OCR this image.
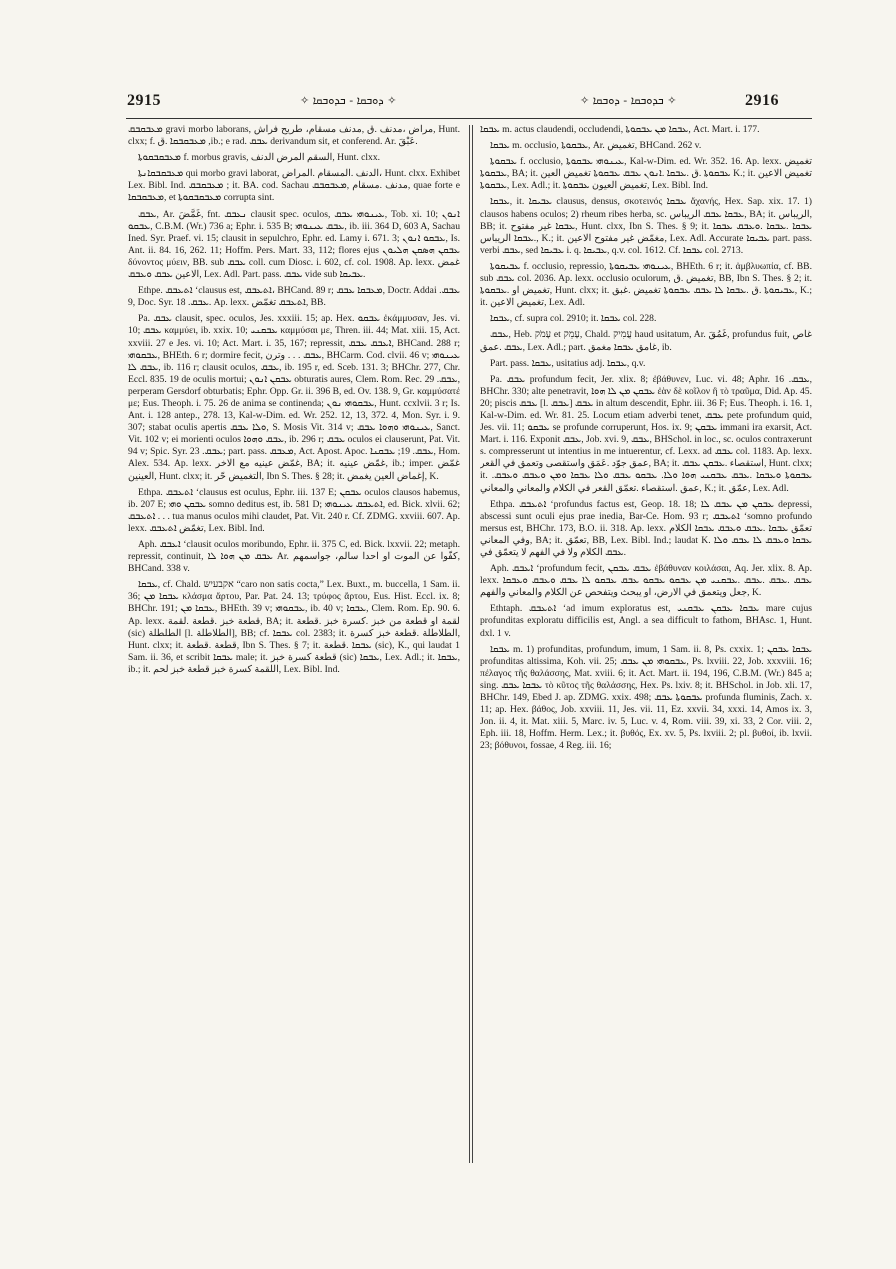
2915	✧ ܕܘܒܩܐ - ܒܕܘܒܩܐ ✧	✧ ܒܕܘܒܩܐ - ܕܘܒܩܐ ✧	2916

ܡܥܒܩܒܩ gravi morbo laborans, مراض ،مدنف .ق ,مدنف مسقام، طريح فراش, Hunt. clxx; f. ܡܥܒܩܒܩܐ .ق ,ib.; e rad. ܥܒܩ derivandum sit, et conferend. Ar. عَبْقَ.

ܡܥܒܩܒܩܘܬܐ f. morbus gravis, السقم المرض الدنف, Hunt. clxx.

ܡܥܒܩܒܩܐܢܬܐ qui morbo gravi laborat, الدنف .المسقام .المراض، Hunt. clxx. Exhibet Lex. Bibl. Ind. ܡܥܒܩܒܩ ; it. BA. cod. Sachau مدنف .مسقام ,ܡܥܒܩܒܩ, quae forte e ܡܥܒܩܒܩܐ, et ܡܥܒܩܒܩܘܬܐ corrupta sint.

ܥܒܩ, Ar. غَمَّضَ, fnt. ܢܥܒܩ clausit spec. oculos, ܥܝܢܘܗܝ ܥܒܩ, Tob. xi. 10; ܐܢܘܢ ܥܒܩܘ, C.B.M. (Wr.) 736 a; Ephr. i. 535 B; ܥܒܩ ܥܝܢܘܗܝ, ib. iii. 364 D, 603 A, Sachau Ined. Syr. Praef. vi. 15; clausit in sepulchro, Ephr. ed. Lamy i. 671. 3; ܥܒܩܘ ܐܢܘܢ, Is. Ant. ii. 84. 16, 262. 11; Hoffm. Pers. Mart. 33, 112; flores ejus ܥܒܩܢ ܗܣܩܢ ܗܠܝܘܢ δύνοντος μύειν, BB. sub ܥܒܩ coll. cum Diosc. i. 602, cf. col. 1908. Ap. lexx. غمض الاعين ܥܒܩ ܘܥܒܩ, Lex. Adl. Part. pass. ܥܒܩ vide sub ܥܒܝܩܐ.

Ethpe. ܐܬܥܒܩ ‘clausus est, ܐܬܥܒܩ، BHCand. 89 r; ܡܥܒܩܐ ܥܒܩ, Doctr. Addai ܥܒܩ. 9, Doc. Syr. ܥܒܩ. 18. Ap. lexx. ܐܬܥܒܩ تغمّض, BB.

Pa. ܥܒܩ clausit, spec. oculos, Jes. xxxiii. 15; ap. Hex. ܥܒܩܘ ἐκάμμυσαν, Jes. vi. 10; ܥܒܩ καμμύει, ib. xxix. 10; ܥܒܩܢܝ καμμύσαι με, Thren. iii. 44; Mat. xiii. 15, Act. xxviii. 27 e Jes. vi. 10; Act. Mart. i. 35, 167; repressit, ܐܥܒܩ ܥܒܩ, BHCand. 288 r; ܥܒܩܘܗܝ, BHEth. 6 r; dormire fecit, ܥܒܩ . . . وترن, BHCarm. Cod. clvii. 46 v; ܥܝܢܘܗܝ ܥܒܩ ܠܐ, ib. 116 r; clausit oculos, ܥܒܩ, ib. 195 r, ed. Sceb. 131. 3; BHChr. 277, Chr. Eccl. 835. 19 de oculis mortui; ܥܒܩܢ ܐܢܘܢ obturatis aures, Clem. Rom. Rec. ܥܒܩ. 29, perperam Gersdorf obturbatis; Ephr. Opp. Gr. ii. 396 B, ed. Ov. 138. 9, Gr. καμμύσατέ με; Eus. Theoph. i. 75. 26 de anima se continenda; ܥܒܩܘܗܝ ܢܘܢ, Hunt. ccxlvii. 3 r; Is. Ant. i. 128 antep., 278. 13, Kal-w-Dim. ed. Wr. 252. 12, 13, 372. 4, Mon. Syr. i. 9. 307; stabat oculis apertis ܘܠܐ ܥܒܩ, S. Mosis Vit. 314 v; ܥܝܢܘܗܝ ܘܗܘܐ ܥܒܩ, Sanct. Vit. 102 v; ei morienti oculos ܥܒܩ ܘܗܘܐ, ib. 296 r; ܥܒܩ oculos ei clauserunt, Pat. Vit. 94 v; Spic. Syr. ܥܒܩ. 23; part. pass. ܡܥܒܩ, Act. Apost. Apoc. ܥܒܩ. 19; ܥܒܩܢܐ, Hom. Alex. 534. Ap. lexx. غمّض عينيه مع الاخر, BA; it. غمّض عينيه, ib.; imper. غمّض العينين, Hunt. clxx; it. التغميض حّر, Ibn S. Thes. § 28; it. إغماض العين يغمض, K.

Ethpa. ܐܬܥܒܩ ‘clausus est oculus, Ephr. iii. 137 E; ܥܒܩܢ oculos clausos habemus, ib. 207 E; ܥܒܩܢ ܘܗܝ somno deditus est, ib. 581 D; ܐܬܥܒܩ ܥܝܢܘܗܝ, ed. Bick. xlvii. 62; ܐܬܥܒܩ . . . tua manus oculos mihi claudet, Pat. Vit. 240 r. Cf. ZDMG. xxviii. 607. Ap. lexx. تغمّض ܐܬܥܒܩ, Lex. Bibl. Ind.

Aph. ܐܥܒܩ ‘clausit oculos moribundo, Ephr. ii. 375 C, ed. Bick. lxxvii. 22; metaph. repressit, continuit, ܥܒܩ ܡܢ ܗܘܐ ܠܐ Ar. كفّوا عن الموت او احدا سالم، جواسمهم, BHCand. 338 v.

ܥܒܩܐ, cf. Chald. אקבעישּ “caro non satis cocta,” Lex. Buxt., m. buccella, 1 Sam. ii. 36; ܥܒܩܐ ܡܢ κλάσμα ἄρτου, Par. Pat. 24. 13; τρύφος ἄρτου, Eus. Hist. Eccl. ix. 8; BHChr. 191; ܥܒܩܐ ܡܢ, BHEth. 39 v; ܥܒܩܘܗܝ, ib. 40 v; ܥܒܩܐ, Clem. Rom. Ep. 90. 6. Ap. lexx. قطعة خبز .قطعة .لقمة, BA; it. لقمة او قطعة من خبز .كسرة خبز .قطعة (sic) الطلطلة [l. الطلاطلة], BB; cf. ܥܒܩܐ col. 2383; it. الطلاطلة .قطعة خبز كسرة, Hunt. clxx; it. قطعة .قطعة, Ibn S. Thes. § 7; it. ܥܒܩܐ .قطعة (sic), K., qui laudat 1 Sam. ii. 36, et scribit ܥܒܩܐ male; it. قطعة كسرة خبز (sic) ܥܒܩܐ, Lex. Adl.; it. ܥܒܩܐ, ib.; it. اللقمة كسرة خبز قطعة خبز لحم, Lex. Bibl. Ind.

ܥܒܩܐ m. actus claudendi, occludendi, ܥܒܩܐ ܡܢ ܥܒܩܘܬܐ, Act. Mart. i. 177.

ܥܒܩܐ m. occlusio, ܥܒܩܘܬܐ, Ar. تغميض, BHCand. 262 v.

ܥܒܩܘܬܐ f. occlusio, ܥܝܢܘܗܝ ܥܒܩܘܬܐ, Kal-w-Dim. ed. Wr. 352. 16. Ap. lexx. تغميض ܥܒܩܘܬܐ, BA; it. ܥܒܩܘܬܐ .ق .ܥܒܩܐ .ܐܢܘܢ ܥܒܩ ܥܒܩܘܬܐ تغميض العين K.; it. تغميض الاعين ܥܒܩܘܬܐ, Lex. Adl.; it. تغميض العيون ܥܒܩܘܬܐ, Lex. Bibl. Ind.

ܥܒܩܐ, it. ܥܒܝܩܐ clausus, densus, σκοτεινός ܥܒܩܐ ἄχανής, Hex. Sap. xix. 17. 1) clausos habens oculos; 2) rheum ribes herba, sc. ܥܒܩܐ ܥܒܩ الريباس, BA; it. الريباس, BB; it. ܥܒܩܐ غير مفتوح, Hunt. clxx, Ibn S. Thes. § 9; it. ܥܒܩܐ .ܥܒܩܐ .ܘܥܒܩ ܥܒܩܐ .ܥܒܩܐ الريباس, K.; it. مغمّض غير مفتوح الاعين, Lex. Adl. Accurate ܥܒܝܩܐ part. pass. verbi ܥܒܩ, sed ܥܒܝܩܐ i. q. ܥܒܝܩܐ, q.v. col. 1612. Cf. ܥܒܩܐ col. 2713.

ܥܒܝܩܘܬܐ f. occlusio, repressio, ܥܝܢܘܗܝ ܥܒܝܩܘܬܐ, BHEth. 6 r; it. ἀμβλυωπία, cf. BB. sub ܥܒܩ col. 2036. Ap. lexx. occlusio oculorum, تغميض .ق, BB, Ibn S. Thes. § 2; it. تغميض او .ܥܒܩܘܬܐ, Hunt. clxx; it. ܥܒܝܩܘܬܐ .ق .ܥܒܩܐ ܠܐ ܥܒܩ ܥܒܩܘܬܐ تغميض .غبق, K.; it. تغميض الاعين, Lex. Adl.

ܥܒܩܐ, cf. supra col. 2910; it. ܥܒܩܐ col. 228.

ܥܒܩ, Heb. עָמֹק et עָמֵק, Chald. עֲמִיק haud usitatum, Ar. غَمُقَ, profundus fuit, غاص ܥܒܩ .عمق, Lex. Adl.; part. غامق ܥܒܩܐ مغمق, ib.

Part. pass. ܥܒܩܐ, usitatius adj. ܥܒܩܐ, q.v.

Pa. ܥܒܩ profundum fecit, Jer. xlix. 8; ἐβάθυνεν, Luc. vi. 48; Aphr. ܥܒܩ. 16, BHChr. 330; alte penetravit, ܥܒܩܢ ܡܢ ܠܐ ܗܘܐ ἐὰν δὲ κοῖλον ἢ τὸ τραῦμα, Did. Ap. 45. 20; piscis ܥܒܩ [l. ܥܒܩ] ܥܒܩ in altum descendit, Ephr. iii. 36 F; Eus. Theoph. i. 16. 1, Kal-w-Dim. ed. Wr. 81. 25. Locum etiam adverbi tenet, ܥܒܩ pete profundum quid, Jes. vii. 11; ܥܒܩܘ se profunde corruperunt, Hos. ix. 9; ܥܒܩܢ immani ira exarsit, Act. Mart. i. 116. Exponit ܥܒܩ, Job. xvi. 9, ܥܒܩ, BHSchol. in loc., sc. oculos contraxerunt s. compresserunt ut intentius in me intuerentur, cf. Lexx. ad ܥܒܩ col. 1183. Ap. lexx. عمق جوّد .عَمَق واستقصى وتعمق في القعر, BA; it. استقصاء .ܥܒܩܢ ܥܒܩ, Hunt. clxx; it. ܥܒܩܘܬܐ ܘܥܒܩܐ .ܥܒܩ ܥܒܩܢܝ ܗܘܐ ܘܠܐ. ܥܒܩܘ ܥܒܩ ܘܠܐ ܥܒܩܐ ܘܡܢ ܘܥܒܩ ܘܥܒܩ. عمق .استقصاء .تعمّق القعر في الكلام والمعاني والمعاني, K.; it. عمّق, Lex. Adl.

Ethpa. ܐܬܥܒܩ ‘profundus factus est, Geop. 18. 18; ܥܒܩܢ ܡܢ ܥܒܩ ܠܐ depressi, abscessi sunt oculi ejus prae inedia, Bar-Ce. Hom. 93 r; ܐܬܥܒܩ ‘somno profundo mersus est, BHChr. 173, B.O. ii. 318. Ap. lexx. تعمّق ܥܒܩܐ .ܥܒܩ ܘܥܒܩ ܥܒܩܐ الكلام وفي المعاني, BA; it. تعمّق, BB, Lex. Bibl. Ind.; laudat K. ܥܒܩܐ ܘܥܒܩ ܠܐ ܥܒܩ ܘܠܐ ܥܒܩ الكلام ولا في الفهم لا يتعمّق في.

Aph. ܐܥܒܩ ‘profundum fecit, ܥܒܩ ܥܒܩܢ ἐβάθυναν κοιλάσαι, Aq. Jer. xlix. 8. Ap. lexx. ܥܒܩ .ܥܒܩ .ܥܒܩ .ܥܒܩܢܝ ܡܢ ܥܒܩܘ ܥܒܩܘ ܥܒܩ ܥܒܩܘ ܠܐ ܥܒܩ ܘܥܒܩ ܘܥܒܩܐ جعل ويتعمق في الارض، او يبحث ويتفحص عن الكلام والمعاني والفهم, K.

Ethtaph. ܐܬܥܒܩ ‘ad imum exploratus est, ܥܒܩܐ ܥܒܩܢ ܥܒܩܢܝ mare cujus profunditas exploratu difficilis est, Angl. a sea difficult to fathom, BHAsc. 1, Hunt. dxl. 1 v.

ܥܒܩܐ m. 1) profunditas, profundum, imum, 1 Sam. ii. 8, Ps. cxxix. 1; ܥܒܩܐ ܥܒܩܢ profunditas altissima, Koh. vii. 25; ܥܒܩܘܗܝ ܡܢ ܥܒܩ, Ps. lxviii. 22, Job. xxxviii. 16; πέλαγος τῆς θαλάσσης, Mat. xviii. 6; it. Act. Mart. ii. 194, 196, C.B.M. (Wr.) 845 a; sing. ܥܒܩܐ ܥܒܩ τὸ κῦτος τῆς θαλάσσης, Hex. Ps. lxiv. 8; it. BHSchol. in Job. xli. 17, BHChr. 149, Ebed J. ap. ZDMG. xxix. 498; ܥܒܩܘܬܐ ܥܒܩ profunda fluminis, Zach. x. 11; ap. Hex. βάθος, Job. xxviii. 11, Jes. vii. 11, Ez. xxvii. 34, xxxi. 14, Amos ix. 3, Jon. ii. 4, it. Mat. xiii. 5, Marc. iv. 5, Luc. v. 4, Rom. viii. 39, xi. 33, 2 Cor. viii. 2, Eph. iii. 18, Hoffm. Herm. Lex.; it. βυθός, Ex. xv. 5, Ps. lxviii. 2; pl. βυθοί, ib. lxvii. 23; βόθυνοι, fossae, 4 Reg. iii. 16;
